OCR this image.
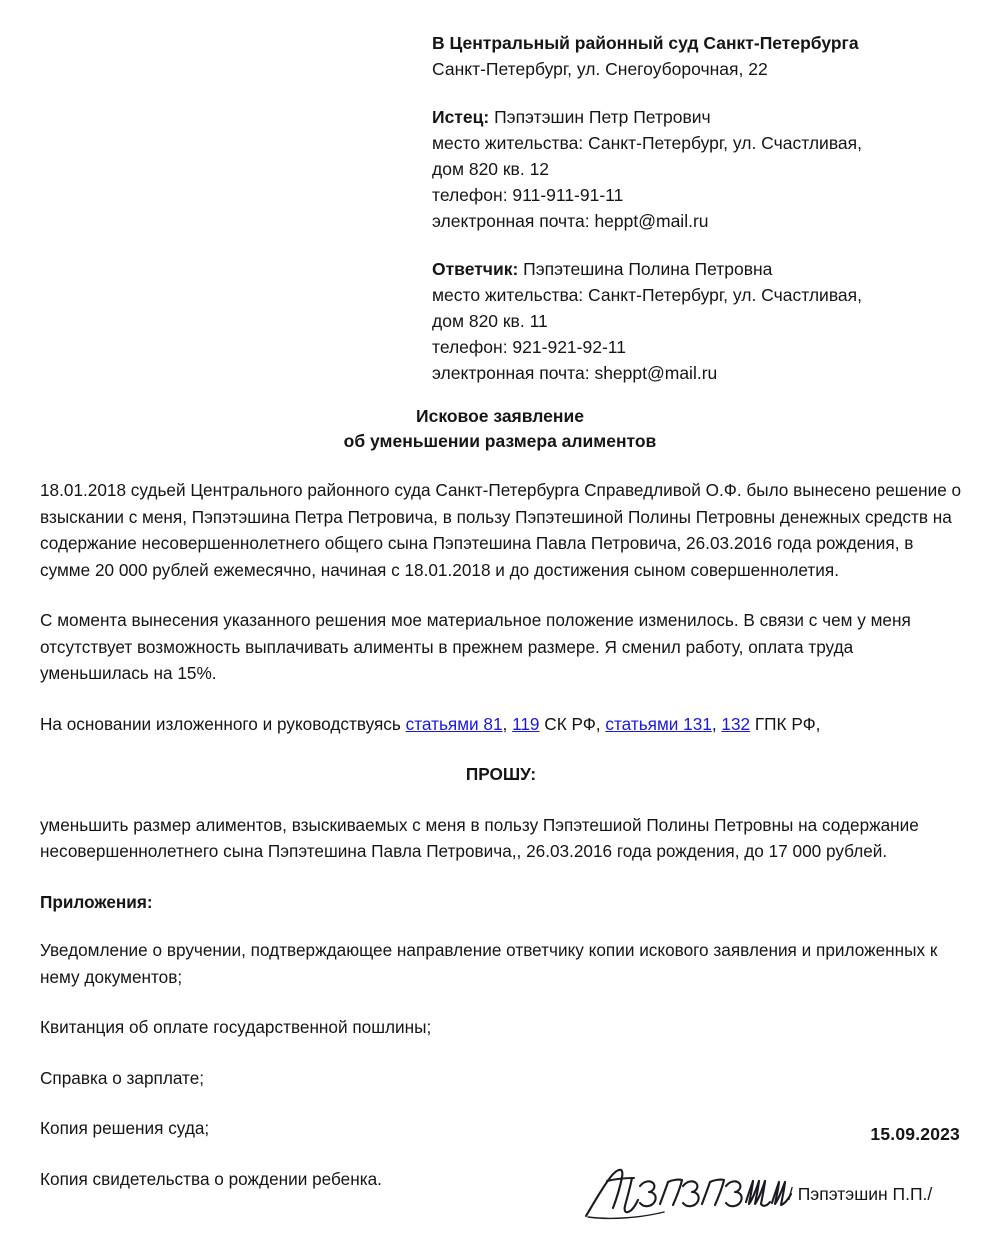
В Центральный районный суд Санкт-Петербурга
Санкт-Петербург, ул. Снегоуборочная, 22
Истец: Пэпэтэшин Петр Петрович
место жительства: Санкт-Петербург, ул. Счастливая,
дом 820 кв. 12
телефон: 911-911-91-11
электронная почта: heppt@mail.ru
Ответчик: Пэпэтешина Полина Петровна
место жительства: Санкт-Петербург, ул. Счастливая,
дом 820 кв. 11
телефон: 921-921-92-11
электронная почта: sheppt@mail.ru
Исковое заявление
об уменьшении размера алиментов

18.01.2018 судьей Центрального районного суда Санкт-Петербурга Справедливой О.Ф. было вынесено решение о взыскании с меня, Пэпэтэшина Петра Петровича, в пользу Пэпэтешиной Полины Петровны денежных средств на содержание несовершеннолетнего общего сына Пэпэтешина Павла Петровича, 26.03.2016 года рождения, в сумме 20 000 рублей ежемесячно, начиная с 18.01.2018 и до достижения сыном совершеннолетия.

С момента вынесения указанного решения мое материальное положение изменилось. В связи с чем у меня отсутствует возможность выплачивать алименты в прежнем размере. Я сменил работу, оплата труда уменьшилась на 15%.

На основании изложенного и руководствуясь статьями 81, 119 СК РФ, статьями 131, 132 ГПК РФ,

ПРОШУ:

уменьшить размер алиментов, взыскиваемых с меня в пользу Пэпэтешиой Полины Петровны на содержание несовершеннолетнего сына Пэпэтешина Павла Петровича,, 26.03.2016 года рождения, до 17 000 рублей.

Приложения:

Уведомление о вручении, подтверждающее направление ответчику копии искового заявления и приложенных к нему документов;

Квитанция об оплате государственной пошлины;

Справка о зарплате;

Копия решения суда;

Копия свидетельства о рождении ребенка.

15.09.2023
/ Пэпэтэшин П.П./
